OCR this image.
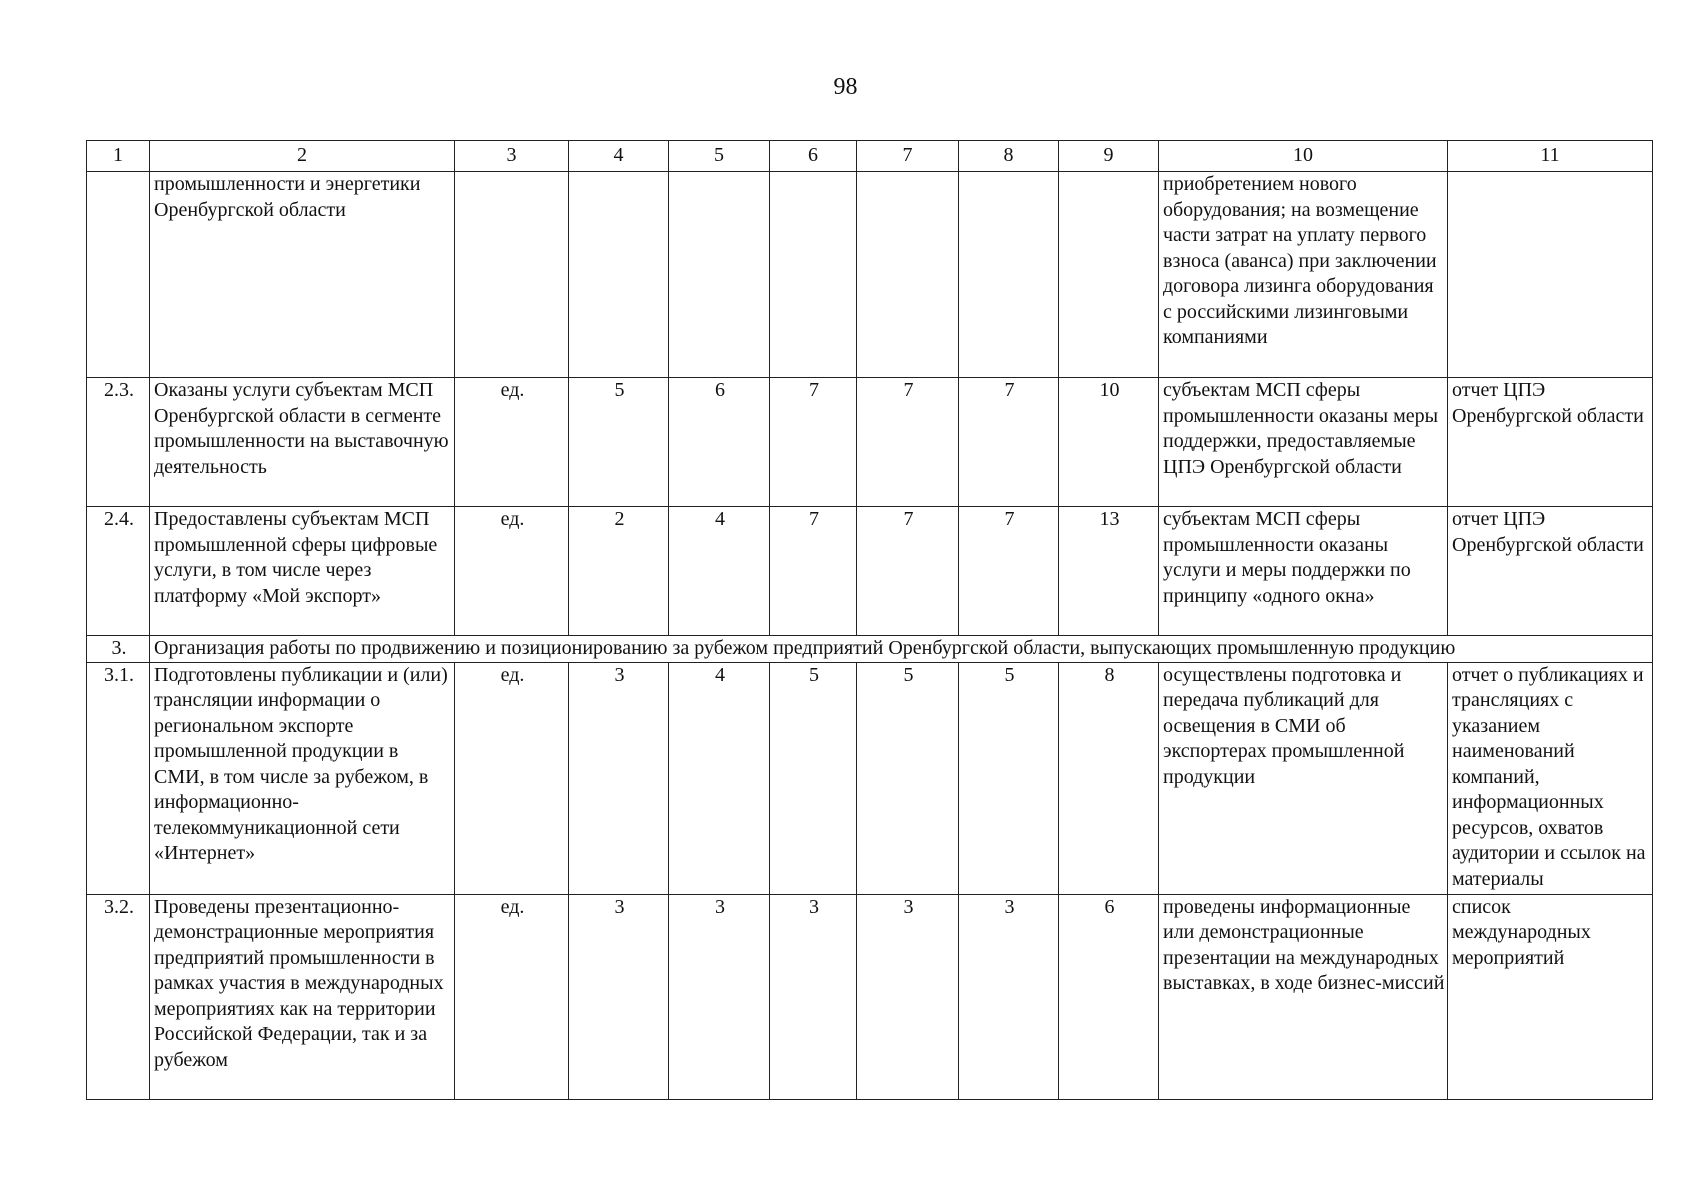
98
1	2	3	4	5	6	7	8	9	10	11
	промышленности и энергетики Оренбургской области								приобретением нового оборудования; на возмещение части затрат на уплату первого взноса (аванса) при заключении договора лизинга оборудования с российскими лизинговыми компаниями	
2.3.	Оказаны услуги субъектам МСП Оренбургской области в сегменте промышленности на выставочную деятельность	ед.	5	6	7	7	7	10	субъектам МСП сферы промышленности оказаны меры поддержки, предоставляемые ЦПЭ Оренбургской области	отчет ЦПЭ Оренбургской области
2.4.	Предоставлены субъектам МСП промышленной сферы цифровые услуги, в том числе через платформу «Мой экспорт»	ед.	2	4	7	7	7	13	субъектам МСП сферы промышленности оказаны услуги и меры поддержки по принципу «одного окна»	отчет ЦПЭ Оренбургской области
3.	Организация работы по продвижению и позиционированию за рубежом предприятий Оренбургской области, выпускающих промышленную продукцию									
3.1.	Подготовлены публикации и (или) трансляции информации о региональном экспорте промышленной продукции в СМИ, в том числе за рубежом, в информационно-телекоммуникационной сети «Интернет»	ед.	3	4	5	5	5	8	осуществлены подготовка и передача публикаций для освещения в СМИ об экспортерах промышленной продукции	отчет о публикациях и трансляциях с указанием наименований компаний, информационных ресурсов, охватов аудитории и ссылок на материалы
3.2.	Проведены презентационно-демонстрационные мероприятия предприятий промышленности в рамках участия в международных мероприятиях как на территории Российской Федерации, так и за рубежом	ед.	3	3	3	3	3	6	проведены информационные или демонстрационные презентации на международных выставках, в ходе бизнес-миссий	список международных мероприятий
